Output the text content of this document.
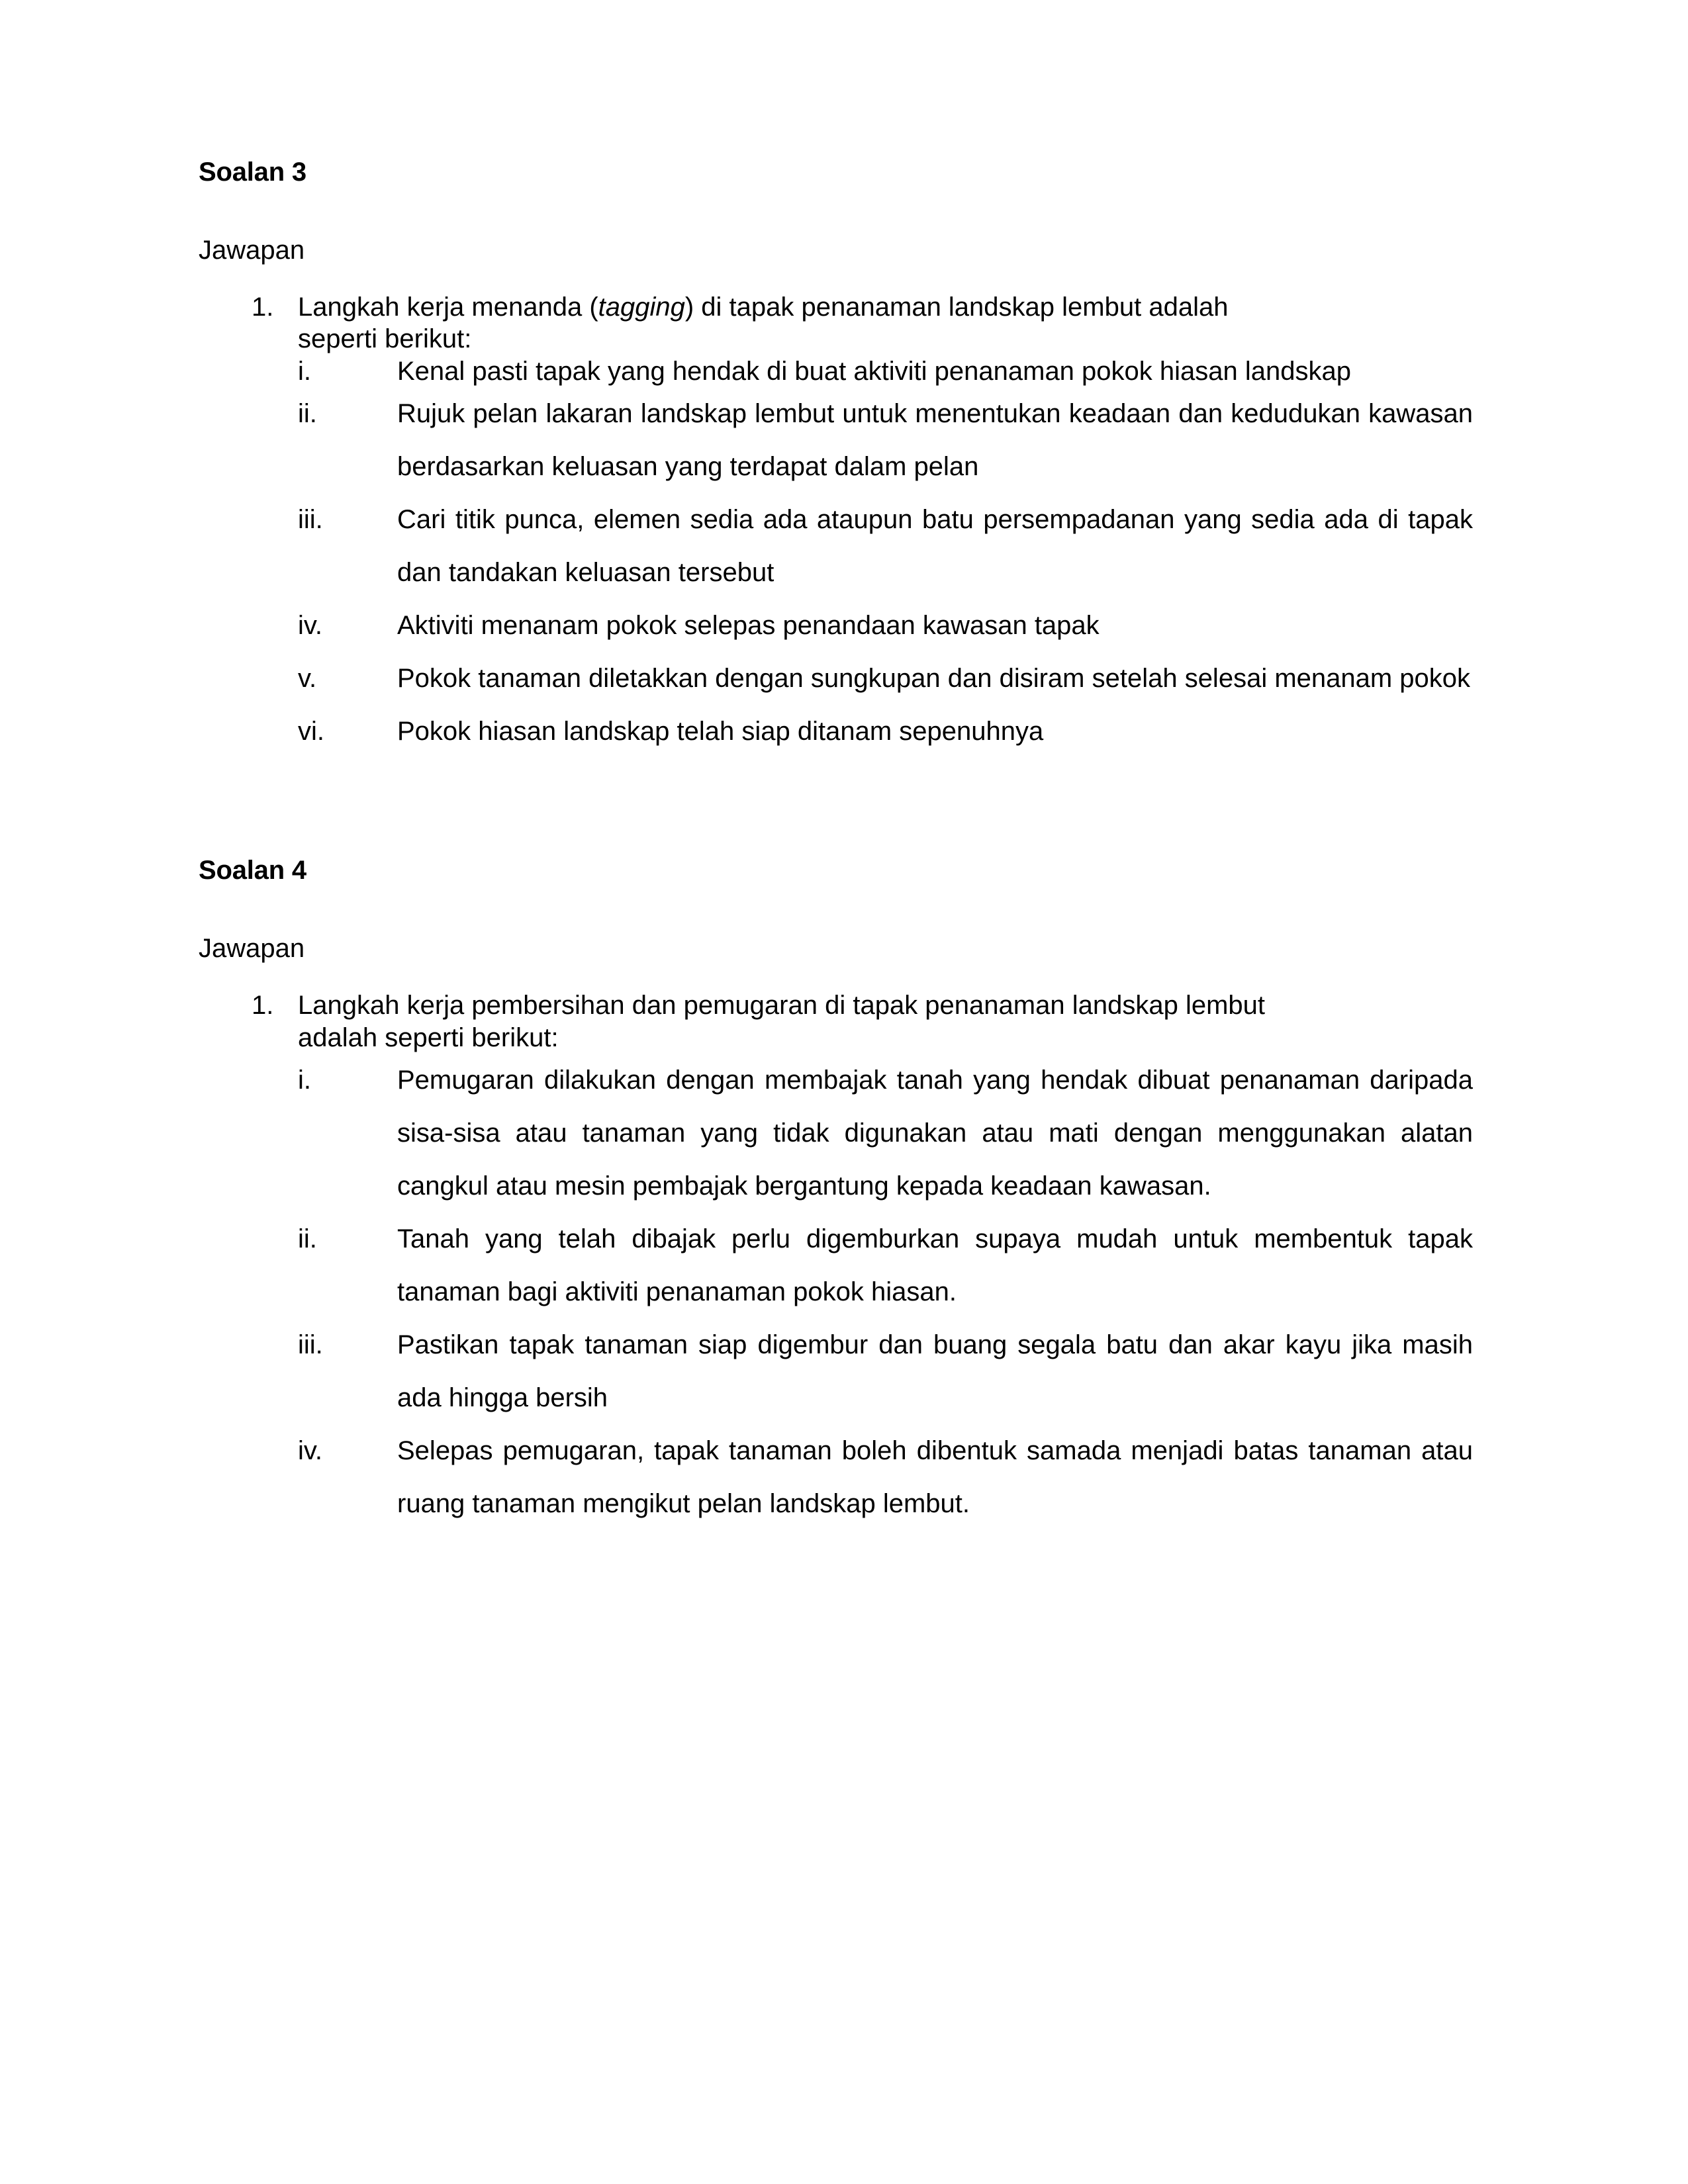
Soalan 3

Jawapan

1. Langkah kerja menanda (tagging) di tapak penanaman landskap lembut adalah seperti berikut:
i.	Kenal pasti tapak yang hendak di buat aktiviti penanaman pokok hiasan landskap
ii.	Rujuk pelan lakaran landskap lembut untuk menentukan keadaan dan kedudukan kawasan berdasarkan keluasan yang terdapat dalam pelan
iii.	Cari titik punca, elemen sedia ada ataupun batu persempadanan yang sedia ada di tapak dan tandakan keluasan tersebut
iv.	Aktiviti menanam pokok selepas penandaan kawasan tapak
v.	Pokok tanaman diletakkan dengan sungkupan dan disiram setelah selesai menanam pokok
vi.	Pokok hiasan landskap telah siap ditanam sepenuhnya

Soalan 4

Jawapan

1. Langkah kerja pembersihan dan pemugaran di tapak penanaman landskap lembut adalah seperti berikut:
i.	Pemugaran dilakukan dengan membajak tanah yang hendak dibuat penanaman daripada sisa-sisa atau tanaman yang tidak digunakan atau mati dengan menggunakan alatan cangkul atau mesin pembajak bergantung kepada keadaan kawasan.
ii.	Tanah yang telah dibajak perlu digemburkan supaya mudah untuk membentuk tapak tanaman bagi aktiviti penanaman pokok hiasan.
iii.	Pastikan tapak tanaman siap digembur dan buang segala batu dan akar kayu jika masih ada hingga bersih
iv.	Selepas pemugaran, tapak tanaman boleh dibentuk samada menjadi batas tanaman atau ruang tanaman mengikut pelan landskap lembut.
